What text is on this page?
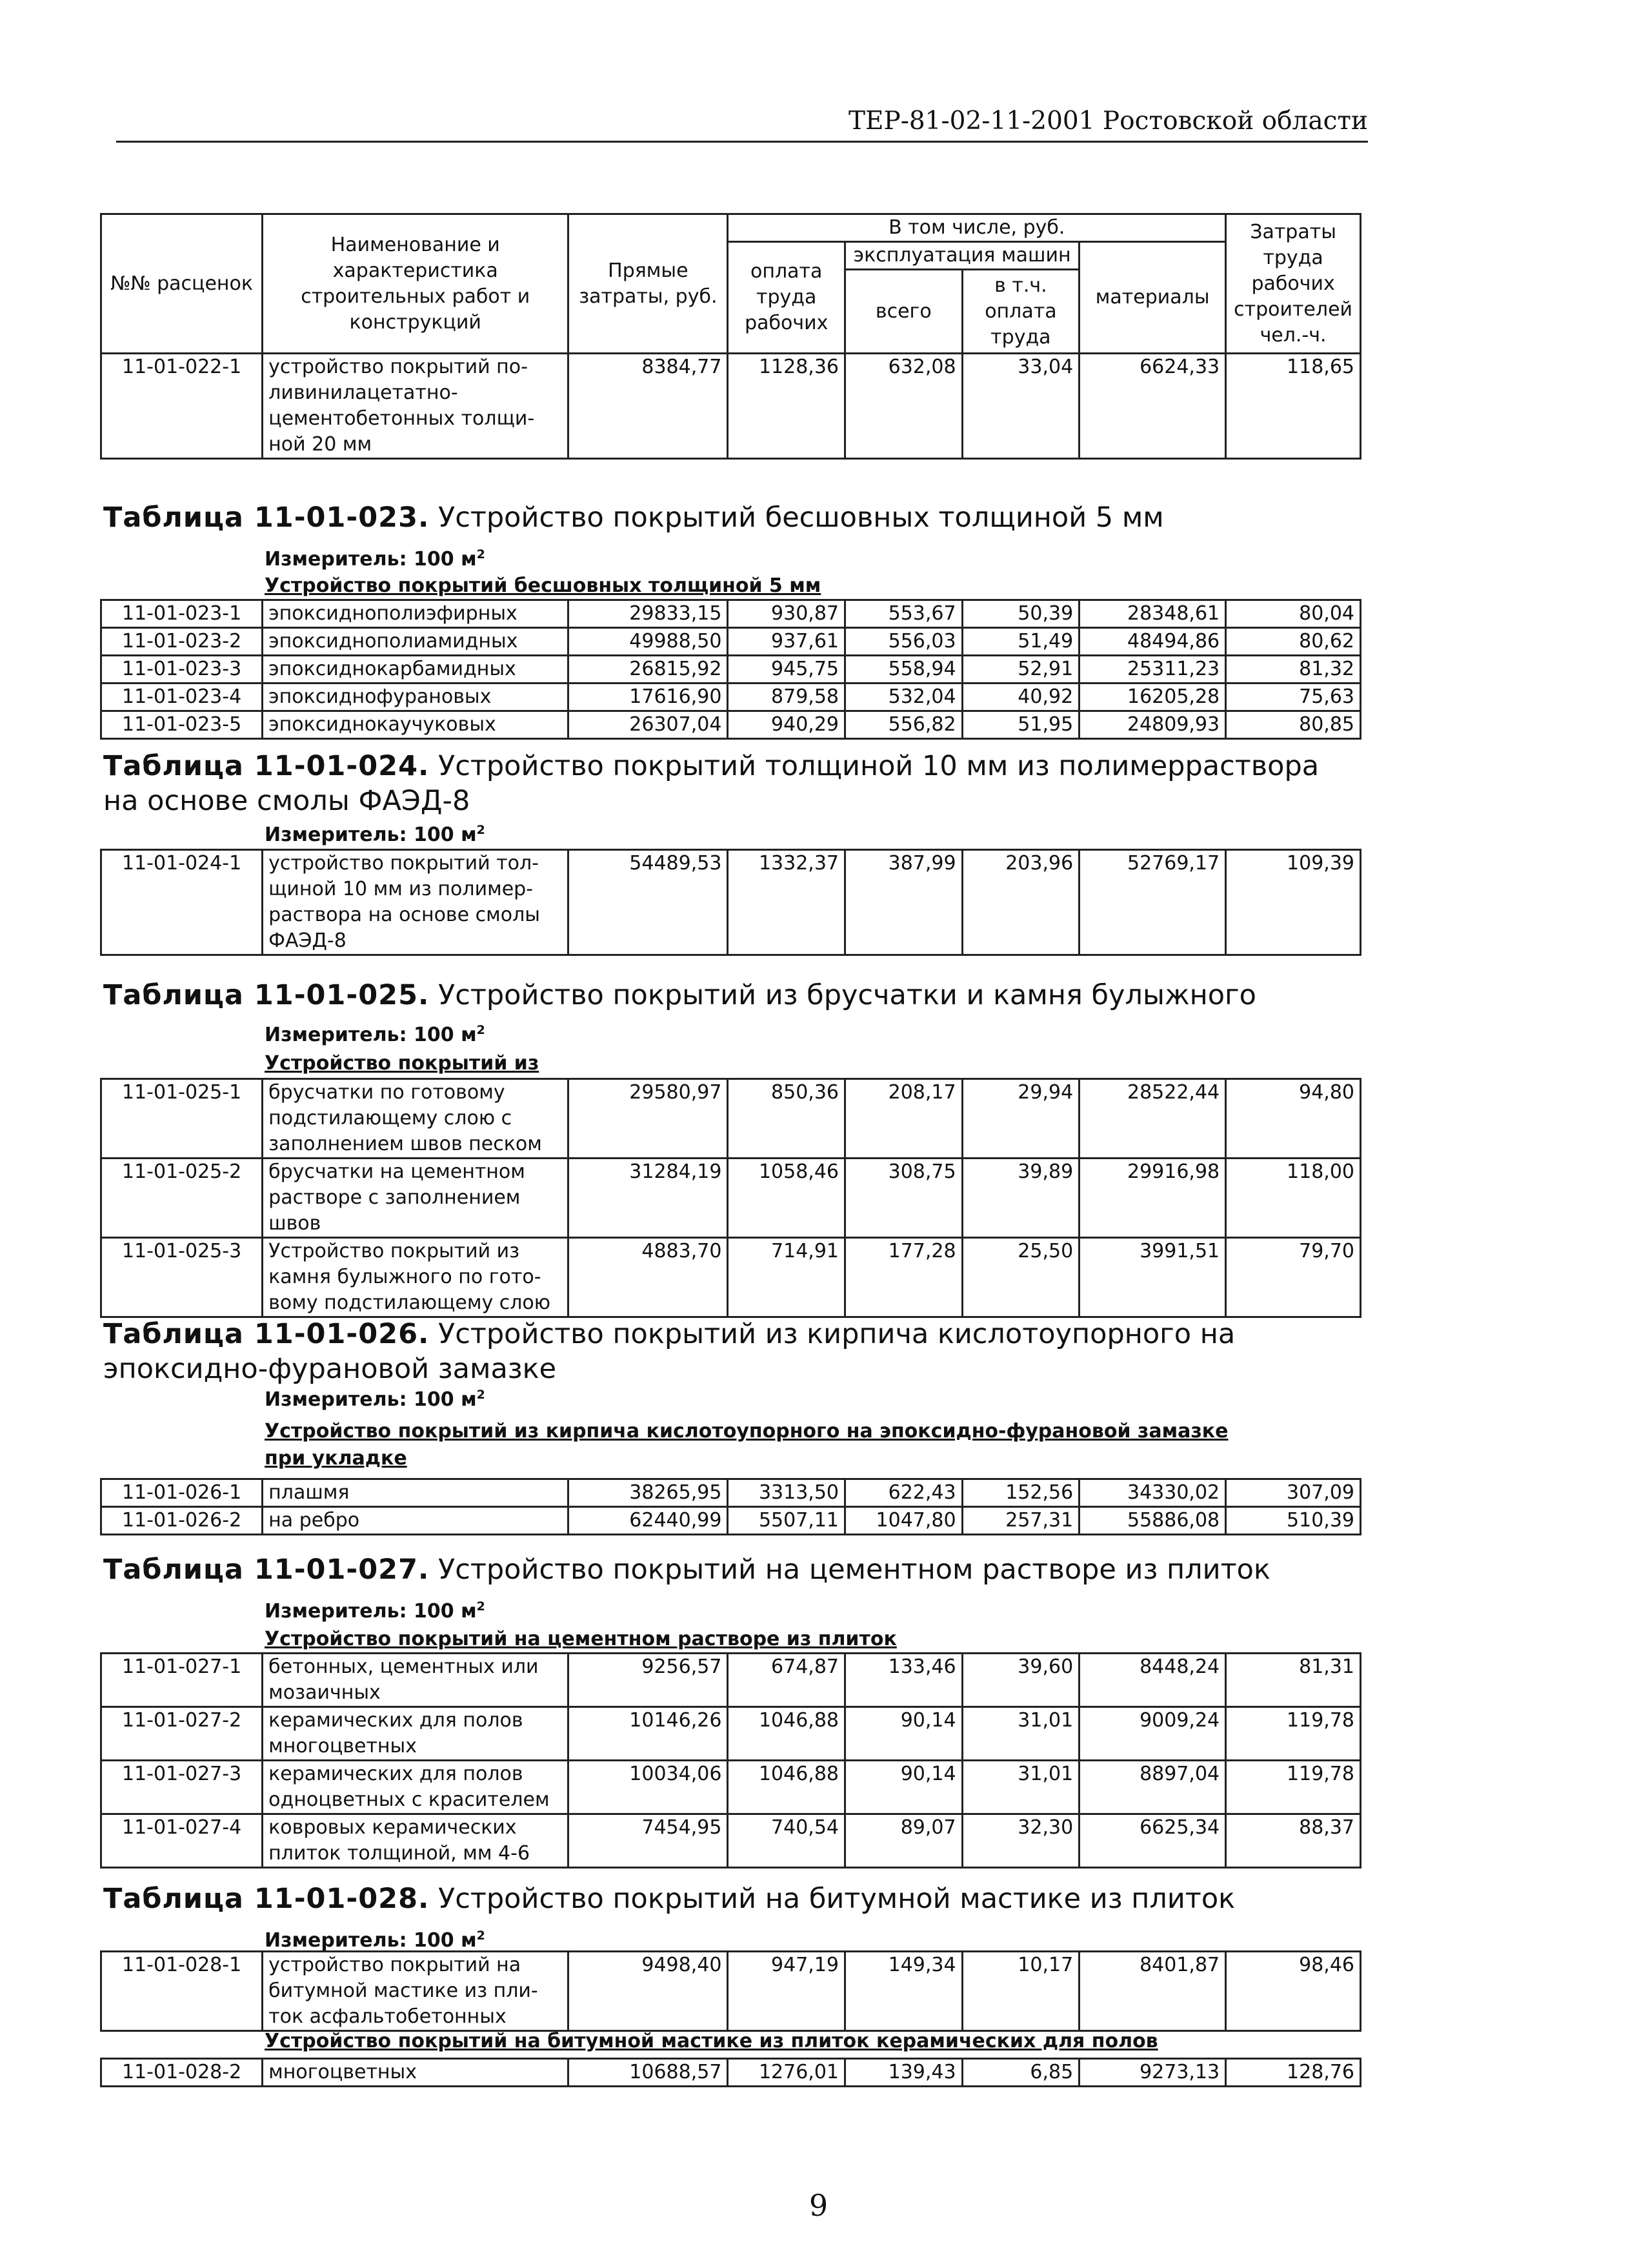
ТЕР-81-02-11-2001 Ростовской области
№№ расценок	Наименование и характеристика строительных работ и конструкций	Прямые затраты, руб.	В том числе, руб.				Затраты труда рабочих строителей чел.-ч.
			оплата труда рабочих	эксплуатация машин		материалы	
				всего	в т.ч. оплата труда		
11-01-022-1	устройство покрытий по-
ливинилацетатно-
цементобетонных толщи-
ной 20 мм	8384,77	1128,36	632,08	33,04	6624,33	118,65
Таблица 11-01-023. Устройство покрытий бесшовных толщиной 5 мм
Измеритель: 100 $м^2$
Устройство покрытий бесшовных толщиной 5 мм
11-01-023-1	эпоксиднополиэфирных	29833,15	930,87	553,67	50,39	28348,61	80,04
11-01-023-2	эпоксиднополиамидных	49988,50	937,61	556,03	51,49	48494,86	80,62
11-01-023-3	эпоксиднокарбамидных	26815,92	945,75	558,94	52,91	25311,23	81,32
11-01-023-4	эпоксиднофурановых	17616,90	879,58	532,04	40,92	16205,28	75,63
11-01-023-5	эпоксиднокаучуковых	26307,04	940,29	556,82	51,95	24809,93	80,85
Таблица 11-01-024. Устройство покрытий толщиной 10 мм из полимерраствора
на основе смолы ФАЭД-8
Измеритель: 100 $м^2$
11-01-024-1	устройство покрытий тол-
щиной 10 мм из полимер-
раствора на основе смолы
ФАЭД-8
	54489,53	1332,37	387,99	203,96	52769,17	109,39
Таблица 11-01-025. Устройство покрытий из брусчатки и камня булыжного
Измеритель: 100 $м^2$
Устройство покрытий из
11-01-025-1	брусчатки по готовому
подстилающему слою с
заполнением швов песком	29580,97	850,36	208,17	29,94	28522,44	94,80
11-01-025-2	брусчатки на цементном
растворе с заполнением
швов	31284,19	1058,46	308,75	39,89	29916,98	118,00
11-01-025-3	Устройство покрытий из
камня булыжного по гото-
вому подстилающему слою	4883,70	714,91	177,28	25,50	3991,51	79,70
Таблица 11-01-026. Устройство покрытий из кирпича кислотоупорного на
эпоксидно-фурановой замазке
Измеритель: 100 $м^2$
Устройство покрытий из кирпича кислотоупорного на эпоксидно-фурановой замазке
при укладке
11-01-026-1	плашмя	38265,95	3313,50	622,43	152,56	34330,02	307,09
11-01-026-2	на ребро	62440,99	5507,11	1047,80	257,31	55886,08	510,39
Таблица 11-01-027. Устройство покрытий на цементном растворе из плиток
Измеритель: 100 $м^2$
Устройство покрытий на цементном растворе из плиток
11-01-027-1	бетонных, цементных или
мозаичных	9256,57	674,87	133,46	39,60	8448,24	81,31
11-01-027-2	керамических для полов
многоцветных	10146,26	1046,88	90,14	31,01	9009,24	119,78
11-01-027-3	керамических для полов
одноцветных с красителем	10034,06	1046,88	90,14	31,01	8897,04	119,78
11-01-027-4	ковровых керамических
плиток толщиной, мм 4-6	7454,95	740,54	89,07	32,30	6625,34	88,37
Таблица 11-01-028. Устройство покрытий на битумной мастике из плиток
Измеритель: 100 $м^2$
11-01-028-1	устройство покрытий на
битумной мастике из пли-
ток асфальтобетонных
	9498,40	947,19	149,34	10,17	8401,87	98,46
Устройство покрытий на битумной мастике из плиток керамических для полов
11-01-028-2	многоцветных	10688,57	1276,01	139,43	6,85	9273,13	128,76
9
